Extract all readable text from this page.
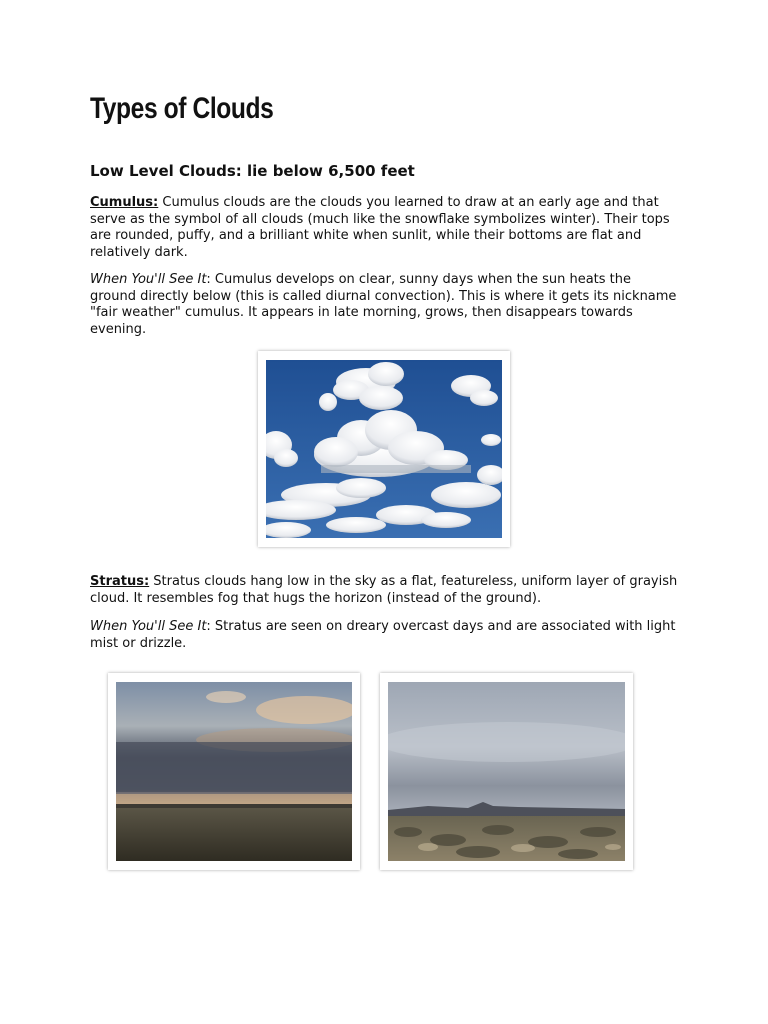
Types of Clouds
Low Level Clouds: lie below 6,500 feet

Cumulus: Cumulus clouds are the clouds you learned to draw at an early age and that serve as the symbol of all clouds (much like the snowflake symbolizes winter). Their tops are rounded, puffy, and a brilliant white when sunlit, while their bottoms are flat and relatively dark.

When You'll See It: Cumulus develops on clear, sunny days when the sun heats the ground directly below (this is called diurnal convection). This is where it gets its nickname "fair weather" cumulus. It appears in late morning, grows, then disappears towards evening.

Stratus: Stratus clouds hang low in the sky as a flat, featureless, uniform layer of grayish cloud. It resembles fog that hugs the horizon (instead of the ground).

When You'll See It: Stratus are seen on dreary overcast days and are associated with light mist or drizzle.
